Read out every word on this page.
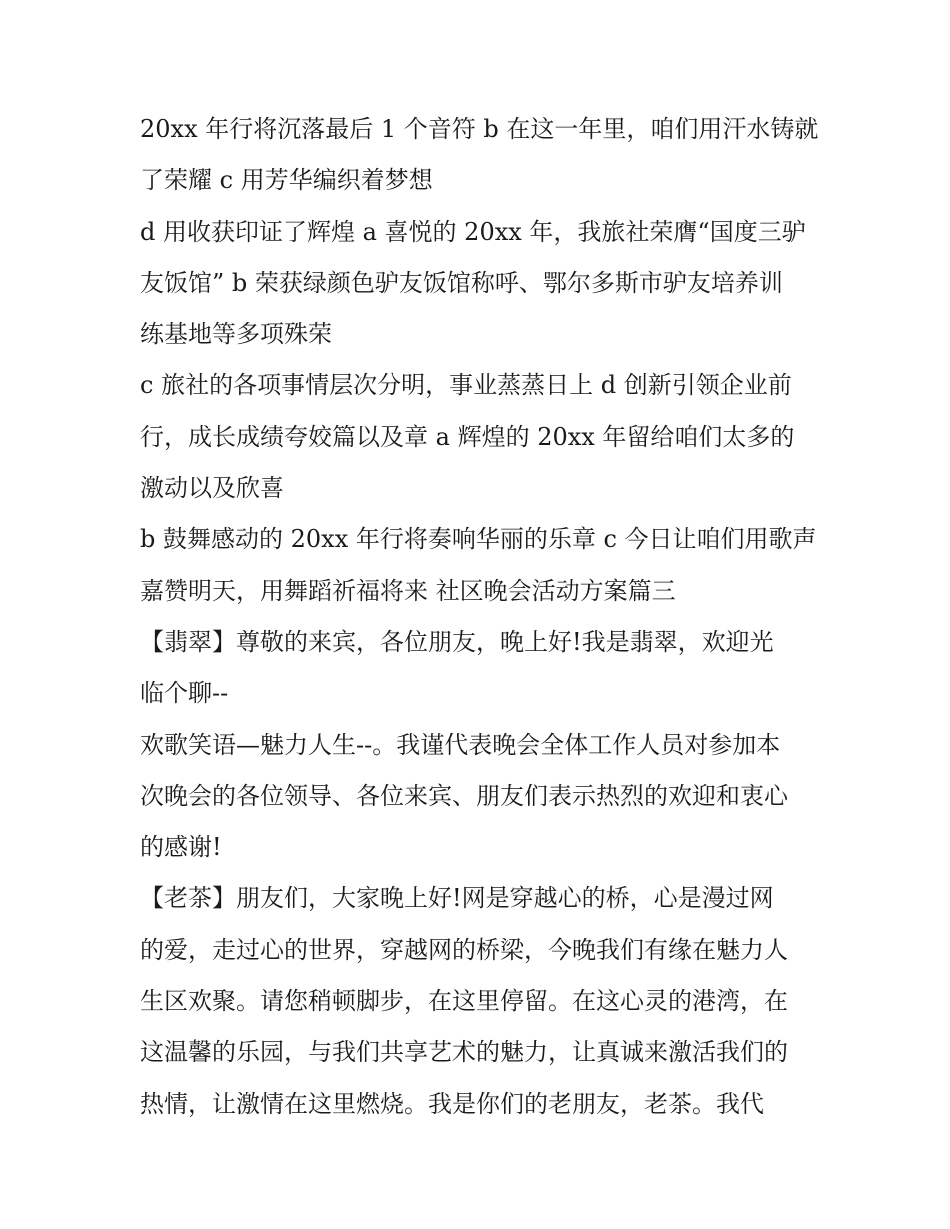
20xx 年行将沉落最后 1 个音符 b 在这一年里，咱们用汗水铸就
了荣耀 c 用芳华编织着梦想
d 用收获印证了辉煌 a 喜悦的 20xx 年，我旅社荣膺“国度三驴
友饭馆” b 荣获绿颜色驴友饭馆称呼、鄂尔多斯市驴友培养训
练基地等多项殊荣
c 旅社的各项事情层次分明，事业蒸蒸日上 d 创新引领企业前
行，成长成绩夸姣篇以及章 a 辉煌的 20xx 年留给咱们太多的
激动以及欣喜
b 鼓舞感动的 20xx 年行将奏响华丽的乐章 c 今日让咱们用歌声
嘉赞明天，用舞蹈祈福将来 社区晚会活动方案篇三
【翡翠】尊敬的来宾，各位朋友，晚上好!我是翡翠，欢迎光
临个聊--
欢歌笑语—魅力人生--。我谨代表晚会全体工作人员对参加本
次晚会的各位领导、各位来宾、朋友们表示热烈的欢迎和衷心
的感谢!
【老茶】朋友们，大家晚上好!网是穿越心的桥，心是漫过网
的爱，走过心的世界，穿越网的桥梁，今晚我们有缘在魅力人
生区欢聚。请您稍顿脚步，在这里停留。在这心灵的港湾，在
这温馨的乐园，与我们共享艺术的魅力，让真诚来激活我们的
热情，让激情在这里燃烧。我是你们的老朋友，老茶。我代
